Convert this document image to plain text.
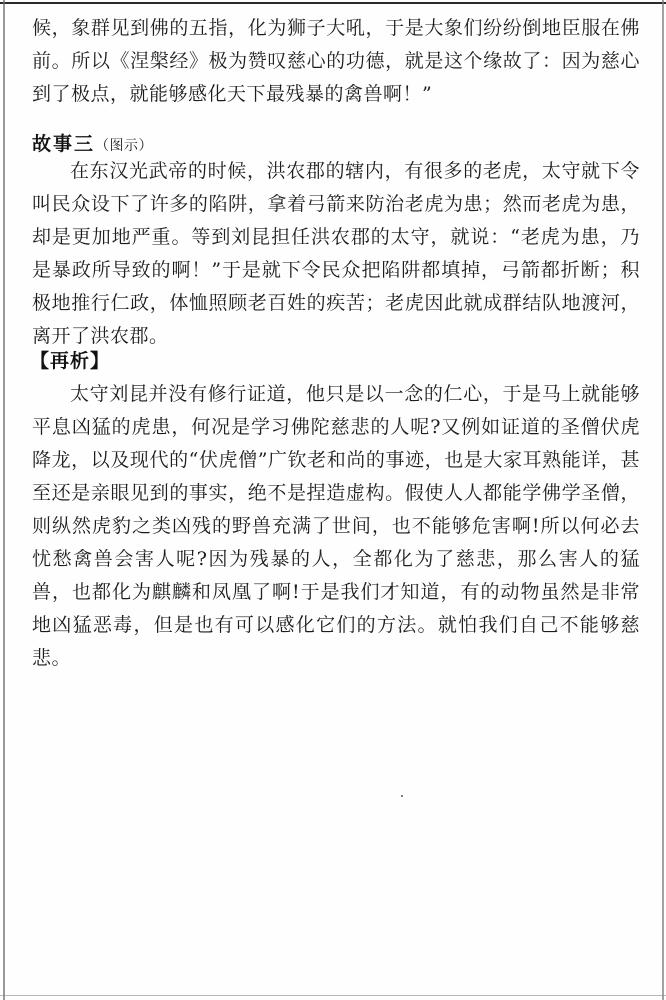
候，象群见到佛的五指，化为狮子大吼，于是大象们纷纷倒地臣服在佛前。所以《涅槃经》极为赞叹慈心的功德，就是这个缘故了：因为慈心到了极点，就能够感化天下最残暴的禽兽啊！”

故事三（图示）

在东汉光武帝的时候，洪农郡的辖内，有很多的老虎，太守就下令叫民众设下了许多的陷阱，拿着弓箭来防治老虎为患；然而老虎为患，却是更加地严重。等到刘昆担任洪农郡的太守，就说：“老虎为患，乃是暴政所导致的啊！”于是就下令民众把陷阱都填掉，弓箭都折断；积极地推行仁政，体恤照顾老百姓的疾苦；老虎因此就成群结队地渡河，离开了洪农郡。

【再析】

太守刘昆并没有修行证道，他只是以一念的仁心，于是马上就能够平息凶猛的虎患，何况是学习佛陀慈悲的人呢?又例如证道的圣僧伏虎降龙，以及现代的“伏虎僧”广钦老和尚的事迹，也是大家耳熟能详，甚至还是亲眼见到的事实，绝不是捏造虚构。假使人人都能学佛学圣僧，则纵然虎豹之类凶残的野兽充满了世间，也不能够危害啊!所以何必去忧愁禽兽会害人呢?因为残暴的人，全都化为了慈悲，那么害人的猛兽，也都化为麒麟和凤凰了啊!于是我们才知道，有的动物虽然是非常地凶猛恶毒，但是也有可以感化它们的方法。就怕我们自己不能够慈悲。
